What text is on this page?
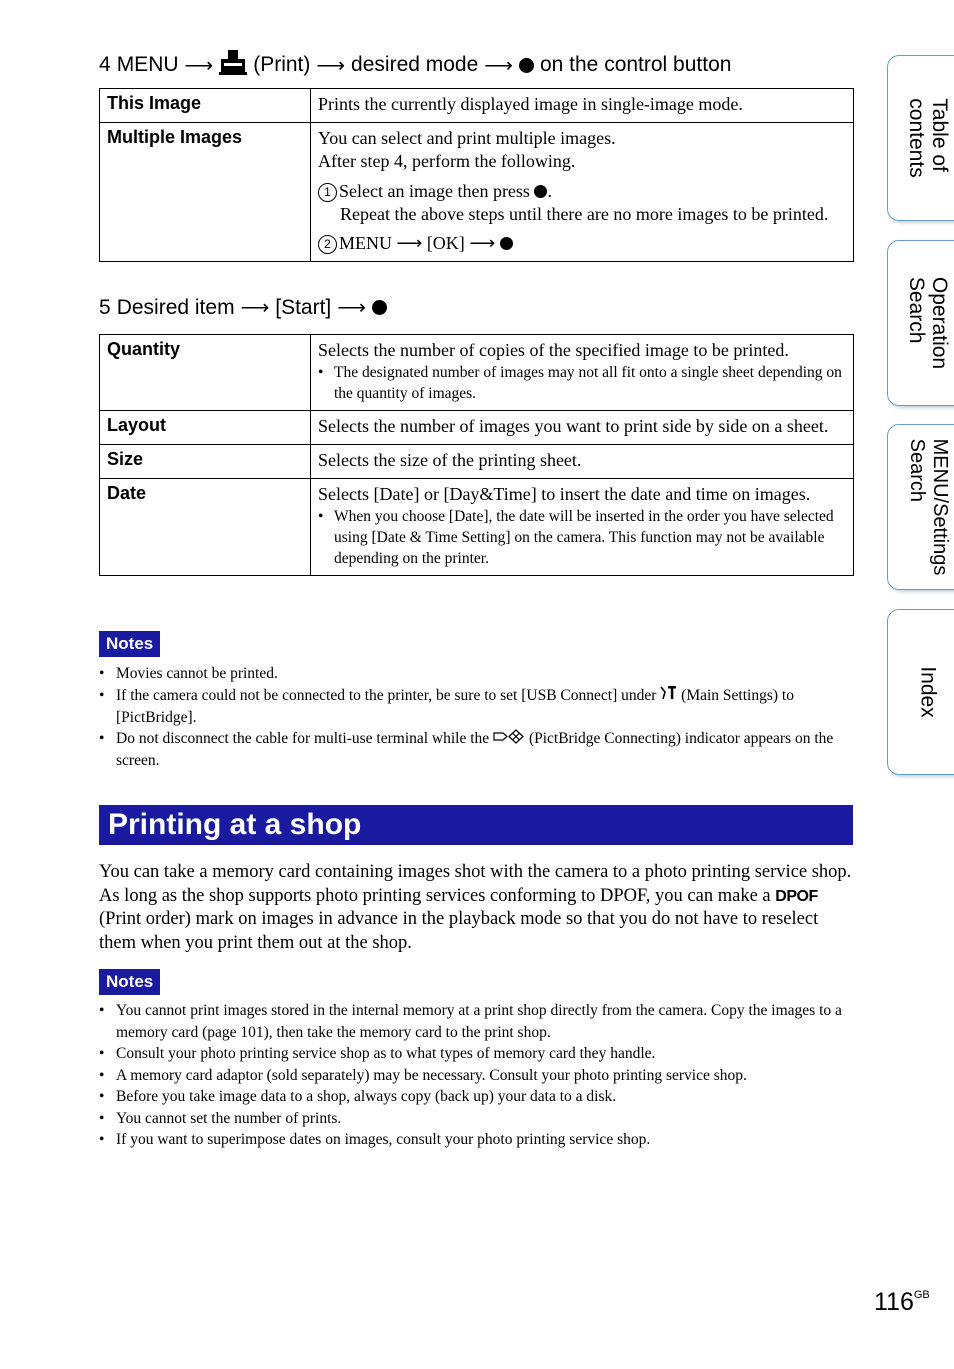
4 MENU ⟶ (Print) ⟶ desired mode ⟶ on the control button
This Image	Prints the currently displayed image in single-image mode.
Multiple Images	You can select and print multiple images.
After step 4, perform the following.
1 Select an image then press .
Repeat the above steps until there are no more images to be printed.
2 MENU ⟶ [OK] ⟶
5 Desired item ⟶ [Start] ⟶
Quantity	Selects the number of copies of the specified image to be printed.
• The designated number of images may not all fit onto a single sheet depending on the quantity of images.

Layout	Selects the number of images you want to print side by side on a sheet.
Size	Selects the size of the printing sheet.
Date	Selects [Date] or [Day&Time] to insert the date and time on images.
• When you choose [Date], the date will be inserted in the order you have selected using [Date & Time Setting] on the camera. This function may not be available depending on the printer.
Notes
• Movies cannot be printed.
• If the camera could not be connected to the printer, be sure to set [USB Connect] under (Main Settings) to [PictBridge].
• Do not disconnect the cable for multi-use terminal while the	(PictBridge Connecting) indicator appears on the screen.
Printing at a shop
You can take a memory card containing images shot with the camera to a photo printing service shop. As long as the shop supports photo printing services conforming to DPOF, you can make a DPOF (Print order) mark on images in advance in the playback mode so that you do not have to reselect them when you print them out at the shop.
Notes
• You cannot print images stored in the internal memory at a print shop directly from the camera. Copy the images to a memory card (page 101), then take the memory card to the print shop.
• Consult your photo printing service shop as to what types of memory card they handle.
• A memory card adaptor (sold separately) may be necessary. Consult your photo printing service shop.
• Before you take image data to a shop, always copy (back up) your data to a disk.
• You cannot set the number of prints.
• If you want to superimpose dates on images, consult your photo printing service shop.
Table of
contents
Operation
Search
MENU/Settings
Search
Index
$116^{GB}$
